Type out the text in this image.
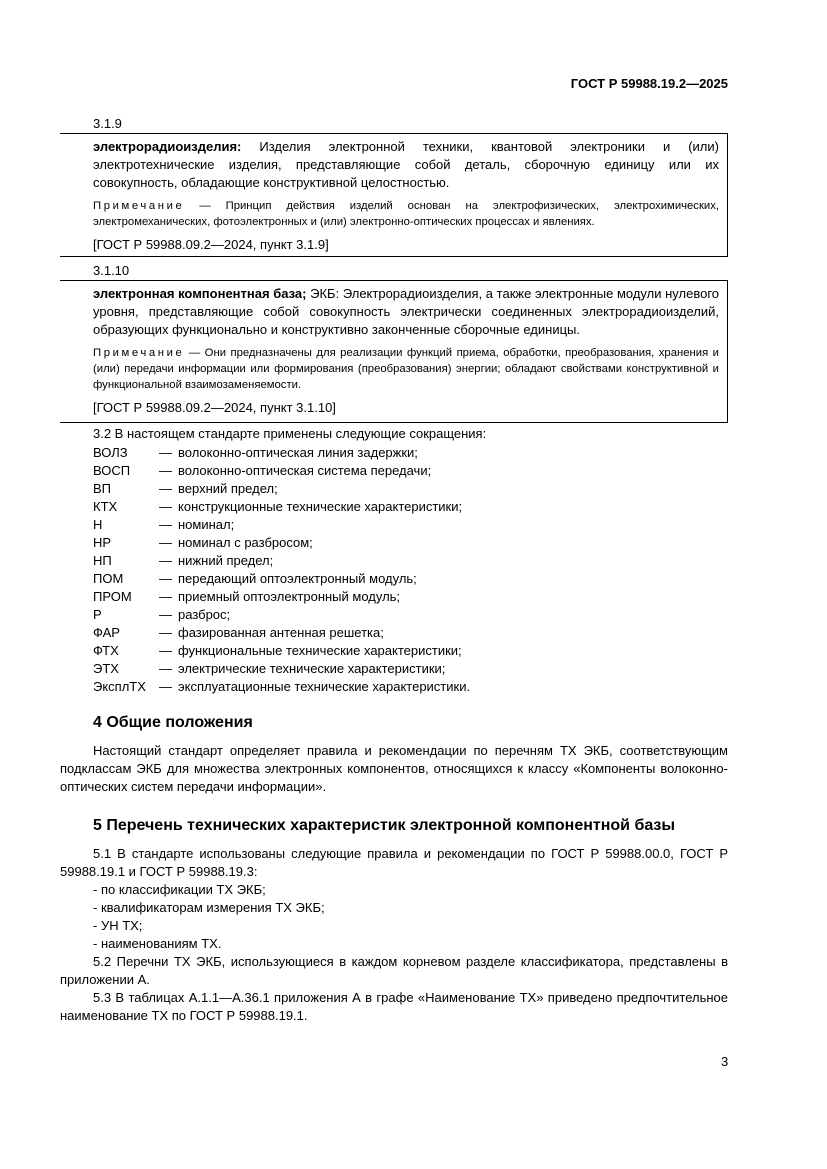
ГОСТ Р 59988.19.2—2025
3.1.9

электрорадиоизделия: Изделия электронной техники, квантовой электроники и (или) электротехнические изделия, представляющие собой деталь, сборочную единицу или их совокупность, обладающие конструктивной целостностью.

Примечание — Принцип действия изделий основан на электрофизических, электрохимических, электромеханических, фотоэлектронных и (или) электронно-оптических процессах и явлениях.

[ГОСТ Р 59988.09.2—2024, пункт 3.1.9]

3.1.10

электронная компонентная база; ЭКБ: Электрорадиоизделия, а также электронные модули нулевого уровня, представляющие собой совокупность электрически соединенных электрорадиоизделий, образующих функционально и конструктивно законченные сборочные единицы.

Примечание — Они предназначены для реализации функций приема, обработки, преобразования, хранения и (или) передачи информации или формирования (преобразования) энергии; обладают свойствами конструктивной и функциональной взаимозаменяемости.

[ГОСТ Р 59988.09.2—2024, пункт 3.1.10]

3.2 В настоящем стандарте применены следующие сокращения:
ВОЛЗ	— волоконно-оптическая линия задержки;
ВОСП	— волоконно-оптическая система передачи;
ВП	— верхний предел;
КТХ	— конструкционные технические характеристики;
Н	— номинал;
НР	— номинал с разбросом;
НП	— нижний предел;
ПОМ	— передающий оптоэлектронный модуль;
ПРОМ	— приемный оптоэлектронный модуль;
Р	— разброс;
ФАР	— фазированная антенная решетка;
ФТХ	— функциональные технические характеристики;
ЭТХ	— электрические технические характеристики;
ЭксплТХ	— эксплуатационные технические характеристики.
4 Общие положения

Настоящий стандарт определяет правила и рекомендации по перечням ТХ ЭКБ, соответствующим подклассам ЭКБ для множества электронных компонентов, относящихся к классу «Компоненты волоконно-оптических систем передачи информации».

5 Перечень технических характеристик электронной компонентной базы

5.1 В стандарте использованы следующие правила и рекомендации по ГОСТ Р 59988.00.0, ГОСТ Р 59988.19.1 и ГОСТ Р 59988.19.3:

- по классификации ТХ ЭКБ;

- квалификаторам измерения ТХ ЭКБ;

- УН ТХ;

- наименованиям ТХ.

5.2 Перечни ТХ ЭКБ, использующиеся в каждом корневом разделе классификатора, представлены в приложении А.

5.3 В таблицах А.1.1—А.36.1 приложения А в графе «Наименование ТХ» приведено предпочтительное наименование ТХ по ГОСТ Р 59988.19.1.

3
